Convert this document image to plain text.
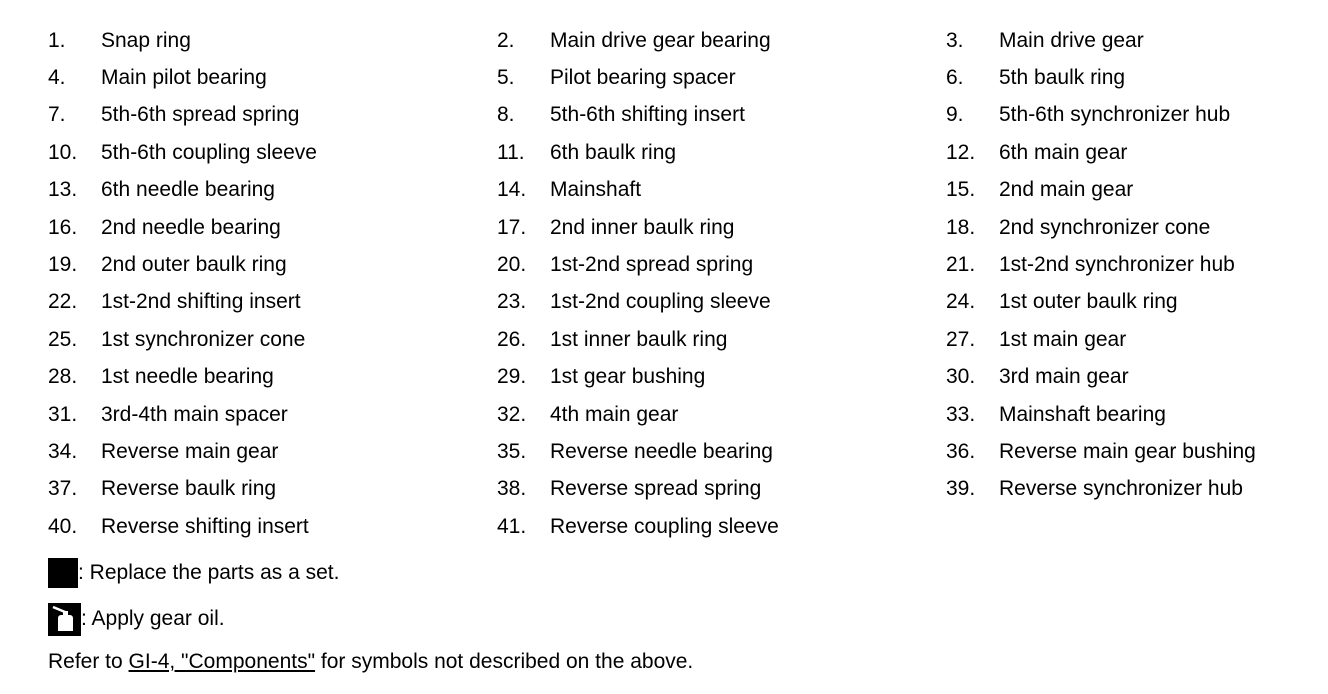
1.	Snap ring	2.	Main drive gear bearing	3.	Main drive gear
4.	Main pilot bearing	5.	Pilot bearing spacer	6.	5th baulk ring
7.	5th-6th spread spring	8.	5th-6th shifting insert	9.	5th-6th synchronizer hub
10.	5th-6th coupling sleeve	11.	6th baulk ring	12.	6th main gear
13.	6th needle bearing	14.	Mainshaft	15.	2nd main gear
16.	2nd needle bearing	17.	2nd inner baulk ring	18.	2nd synchronizer cone
19.	2nd outer baulk ring	20.	1st-2nd spread spring	21.	1st-2nd synchronizer hub
22.	1st-2nd shifting insert	23.	1st-2nd coupling sleeve	24.	1st outer baulk ring
25.	1st synchronizer cone	26.	1st inner baulk ring	27.	1st main gear
28.	1st needle bearing	29.	1st gear bushing	30.	3rd main gear
31.	3rd-4th main spacer	32.	4th main gear	33.	Mainshaft bearing
34.	Reverse main gear	35.	Reverse needle bearing	36.	Reverse main gear bushing
37.	Reverse baulk ring	38.	Reverse spread spring	39.	Reverse synchronizer hub
40.	Reverse shifting insert	41.	Reverse coupling sleeve
: Replace the parts as a set.
: Apply gear oil.
Refer to GI-4, "Components" for symbols not described on the above.
